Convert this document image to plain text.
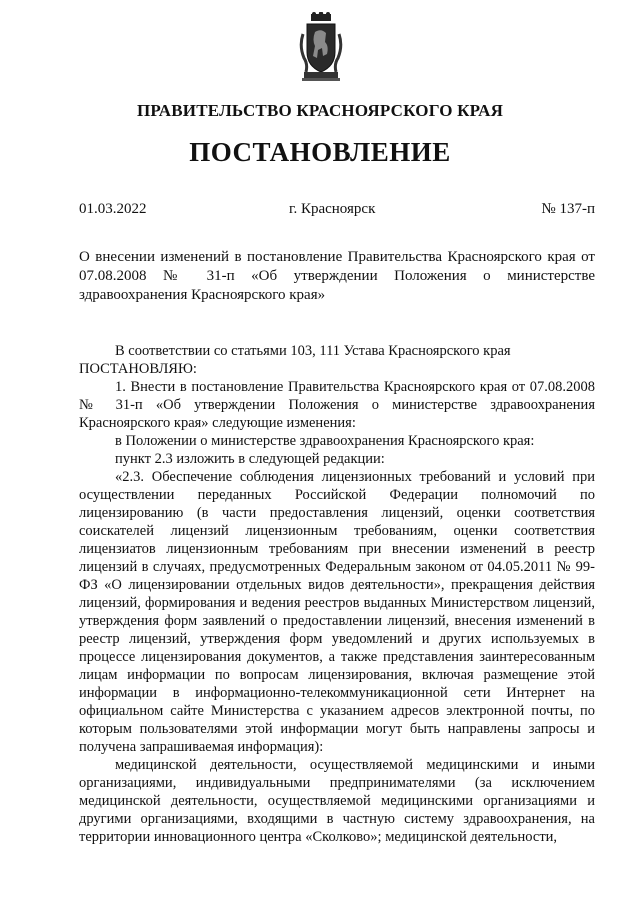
ПРАВИТЕЛЬСТВО КРАСНОЯРСКОГО КРАЯ
ПОСТАНОВЛЕНИЕ
01.03.2022	г. Красноярск	№ 137-п
О внесении изменений в постановление Правительства Красноярского края от 07.08.2008 № 31-п «Об утверждении Положения о министерстве здравоохранения Красноярского края»

В соответствии со статьями 103, 111 Устава Красноярского края

ПОСТАНОВЛЯЮ:

1. Внести в постановление Правительства Красноярского края от 07.08.2008 № 31-п «Об утверждении Положения о министерстве здравоохранения Красноярского края» следующие изменения:

в Положении о министерстве здравоохранения Красноярского края:

пункт 2.3 изложить в следующей редакции:

«2.3. Обеспечение соблюдения лицензионных требований и условий при осуществлении переданных Российской Федерации полномочий по лицензированию (в части предоставления лицензий, оценки соответствия соискателей лицензий лицензионным требованиям, оценки соответствия лицензиатов лицензионным требованиям при внесении изменений в реестр лицензий в случаях, предусмотренных Федеральным законом от 04.05.2011 № 99-ФЗ «О лицензировании отдельных видов деятельности», прекращения действия лицензий, формирования и ведения реестров выданных Министерством лицензий, утверждения форм заявлений о предоставлении лицензий, внесения изменений в реестр лицензий, утверждения форм уведомлений и других используемых в процессе лицензирования документов, а также представления заинтересованным лицам информации по вопросам лицензирования, включая размещение этой информации в информационно-телекоммуникационной сети Интернет на официальном сайте Министерства с указанием адресов электронной почты, по которым пользователями этой информации могут быть направлены запросы и получена запрашиваемая информация):

медицинской деятельности, осуществляемой медицинскими и иными организациями, индивидуальными предпринимателями (за исключением медицинской деятельности, осуществляемой медицинскими организациями и другими организациями, входящими в частную систему здравоохранения, на территории инновационного центра «Сколково»; медицинской деятельности,
